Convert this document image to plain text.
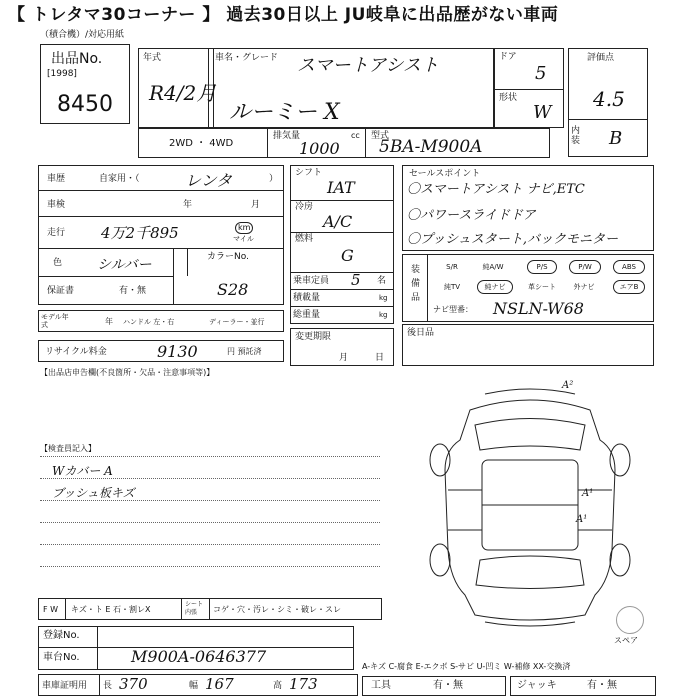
【 トレタマ30コーナー 】 過去30日以上 JU岐阜に出品歴がない車両
（積合機）/対応用紙
出品No.
[1998]
8450
年式
R4/2月
車名・グレード スマートアシスト
ルーミー X
ドア
5
形状
W
評価点
4.5
内装 B
2WD ・ 4WD
排気量	cc
1000
型式
5BA-M900A
車歴	自家用・（	レンタ	）
車検	年	月
走行 4万2千895	km
マイル
色 シルバー	カラーNo.
S28
保証書	有・無
モデル年式	年 ハンドル 左・右	ディーラー・並行
リサイクル料金	9130	円 預託済
シフト
IAT
冷房
A/C
燃料
G
乗車定員 5 名
積載量	kg
総重量	kg
変更期限
月	日
セールスポイント
〇スマートアシスト ナビ,ETC
〇パワースライドドア
〇プッシュスタート,バックモニター
装備品
S/R	純A/W	P/S	P/W	ABS
純TV	純ナビ	革シート	外ナビ	エアB
ナビ型番： NSLN-W68
後日品
【出品店申告欄(不良箇所・欠品・注意事項等)】
【検査員記入】
Wカバー A
ブッシュ板キズ
A²
A¹
A¹
スペア
F W キズ・ト E 石・割レX
シート内張	コゲ・穴・汚レ・シミ・破レ・スレ
登録No.
車台No.	M900A-0646377
A-キズ C-腐食 E-エクボ S-サビ U-凹ミ W-補修 XX-交換済
車庫証明用 長 370	幅 167	高 173	工具	有・無	ジャッキ	有・無
